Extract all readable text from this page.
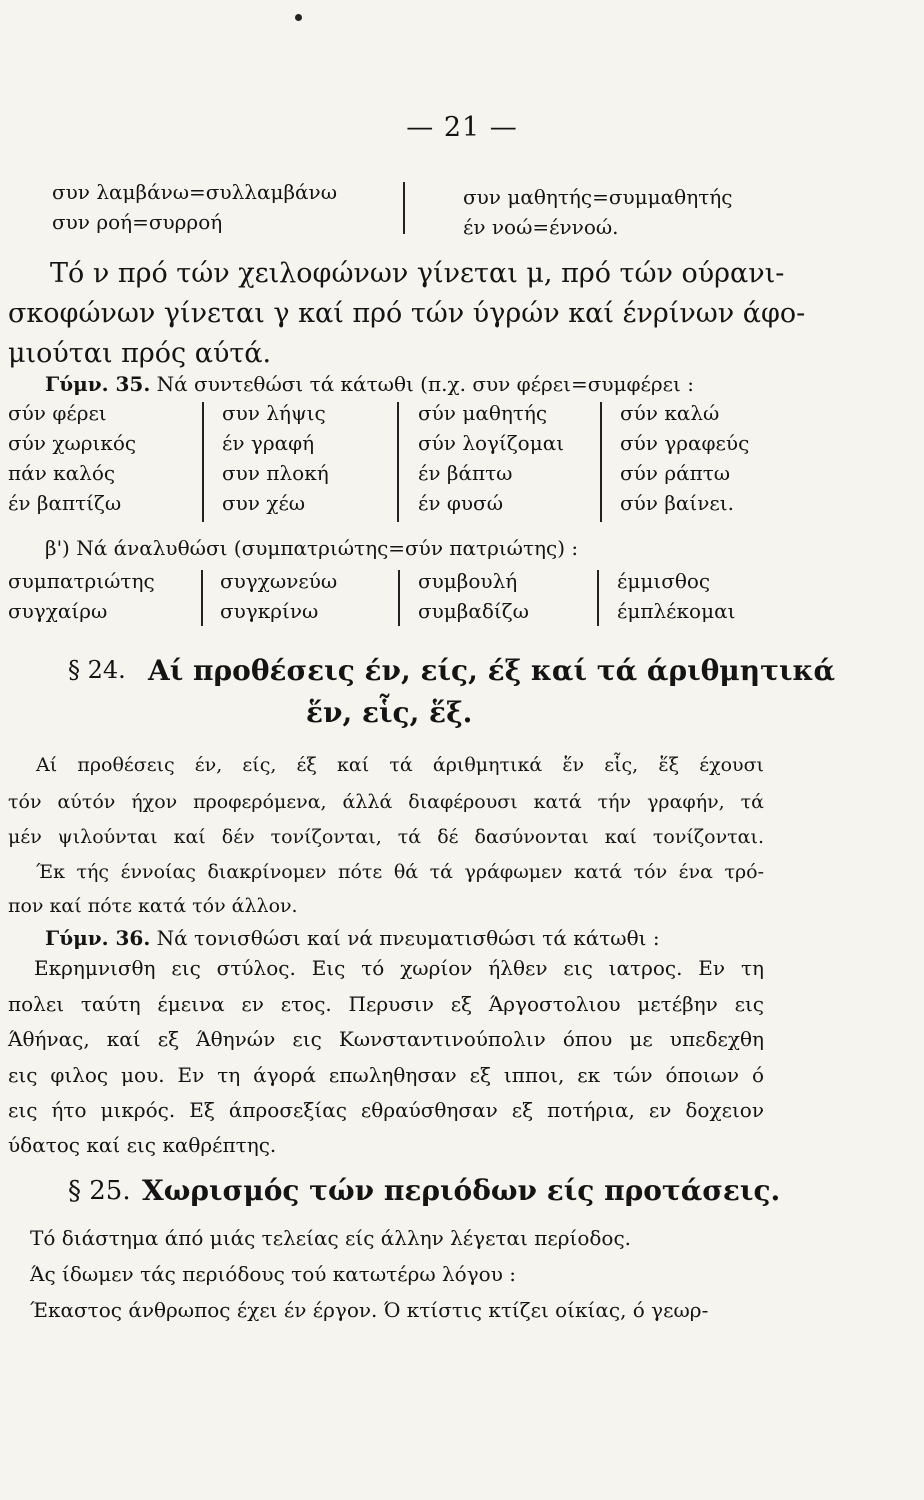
— 21 —
συν λαμβάνω=συλλαμβάνω
συν ροή=συρροή
συν μαθητής=συμμαθητής
έν νοώ=έννοώ.
Τό ν πρό τών χειλοφώνων γίνεται μ, πρό τών ούρανι-
σκοφώνων γίνεται γ καί πρό τών ύγρών καί ένρίνων άφο-
μιούται πρός αύτά.
Γύμν. 35. Νά συντεθώσι τά κάτωθι (π.χ. συν φέρει=συμφέρει :
σύν φέρει
σύν χωρικός
πάν καλός
έν βαπτίζω
συν λήψις
έν γραφή
συν πλοκή
συν χέω
σύν μαθητής
σύν λογίζομαι
έν βάπτω
έν φυσώ
σύν καλώ
σύν γραφεύς
σύν ράπτω
σύν βαίνει.
β') Νά άναλυθώσι (συμπατριώτης=σύν πατριώτης) :
συμπατριώτης
συγχαίρω
συγχωνεύω
συγκρίνω
συμβουλή
συμβαδίζω
έμμισθος
έμπλέκομαι
§ 24. Αί προθέσεις έν, είς, έξ καί τά άριθμητικά
ἕν, εἷς, ἕξ.
Αί προθέσεις έν, είς, έξ καί τά άριθμητικά ἕν εἷς, ἕξ έχουσι
τόν αύτόν ήχον προφερόμενα, άλλά διαφέρουσι κατά τήν γραφήν, τά
μέν ψιλούνται καί δέν τονίζονται, τά δέ δασύνονται καί τονίζονται.
Έκ τής έννοίας διακρίνομεν πότε θά τά γράφωμεν κατά τόν ένα τρό-
πον καί πότε κατά τόν άλλον.
Γύμν. 36. Νά τονισθώσι καί νά πνευματισθώσι τά κάτωθι :
Εκρημνισθη εις στύλος. Εις τό χωρίον ήλθεν εις ιατρος. Εν τη
πολει ταύτη έμεινα εν ετος. Περυσιν εξ Άργοστολιου μετέβην εις
Άθήνας, καί εξ Άθηνών εις Κωνσταντινούπολιν όπου με υπεδεχθη
εις φιλος μου. Εν τη άγορά επωληθησαν εξ ιπποι, εκ τών όποιων ό
εις ήτο μικρός. Εξ άπροσεξίας εθραύσθησαν εξ ποτήρια, εν δοχειον
ύδατος καί εις καθρέπτης.
§ 25. Χωρισμός τών περιόδων είς προτάσεις.
Τό διάστημα άπό μιάς τελείας είς άλλην λέγεται περίοδος.
Άς ίδωμεν τάς περιόδους τού κατωτέρω λόγου :
Έκαστος άνθρωπος έχει έν έργον. Ό κτίστις κτίζει οίκίας, ό γεωρ-
